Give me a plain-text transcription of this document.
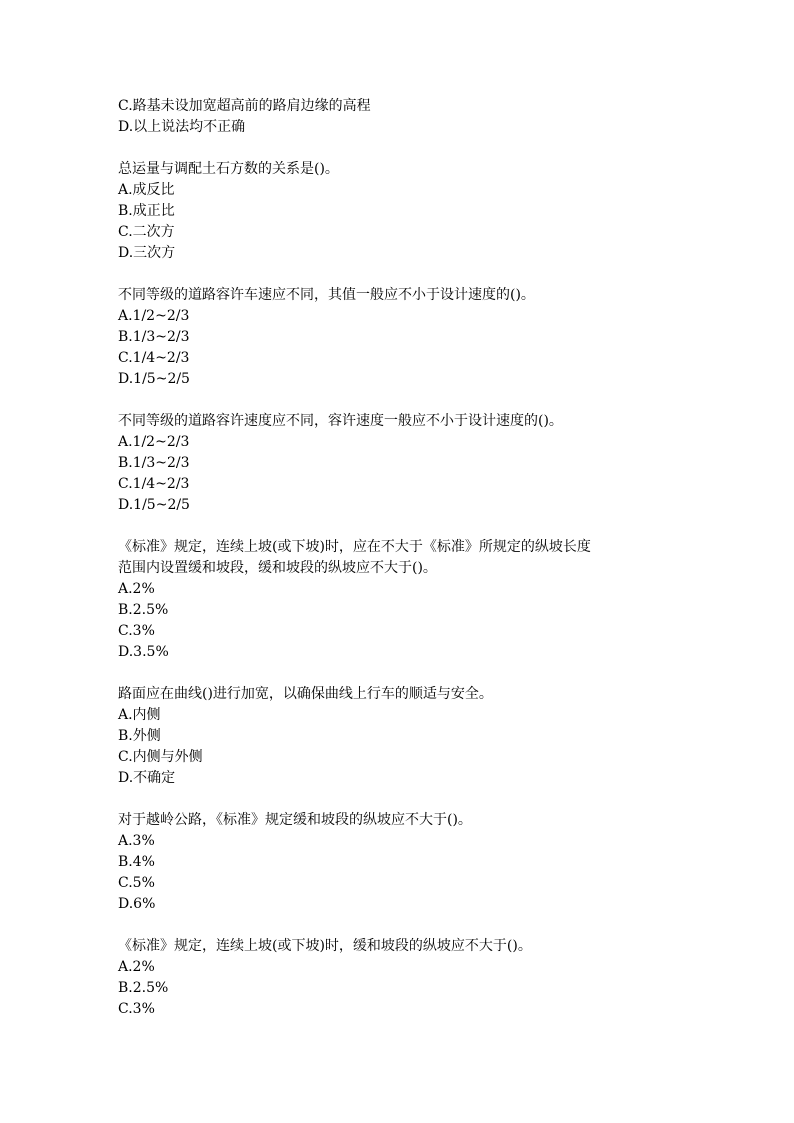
C.路基未设加宽超高前的路肩边缘的高程
D.以上说法均不正确
总运量与调配土石方数的关系是()。
A.成反比
B.成正比
C.二次方
D.三次方
不同等级的道路容许车速应不同，其值一般应不小于设计速度的()。
A.1/2~2/3
B.1/3~2/3
C.1/4~2/3
D.1/5~2/5
不同等级的道路容许速度应不同，容许速度一般应不小于设计速度的()。
A.1/2~2/3
B.1/3~2/3
C.1/4~2/3
D.1/5~2/5
《标准》规定，连续上坡(或下坡)时，应在不大于《标准》所规定的纵坡长度
范围内设置缓和坡段，缓和坡段的纵坡应不大于()。
A.2%
B.2.5%
C.3%
D.3.5%
路面应在曲线()进行加宽，以确保曲线上行车的顺适与安全。
A.内侧
B.外侧
C.内侧与外侧
D.不确定
对于越岭公路，《标准》规定缓和坡段的纵坡应不大于()。
A.3%
B.4%
C.5%
D.6%
《标准》规定，连续上坡(或下坡)时，缓和坡段的纵坡应不大于()。
A.2%
B.2.5%
C.3%
